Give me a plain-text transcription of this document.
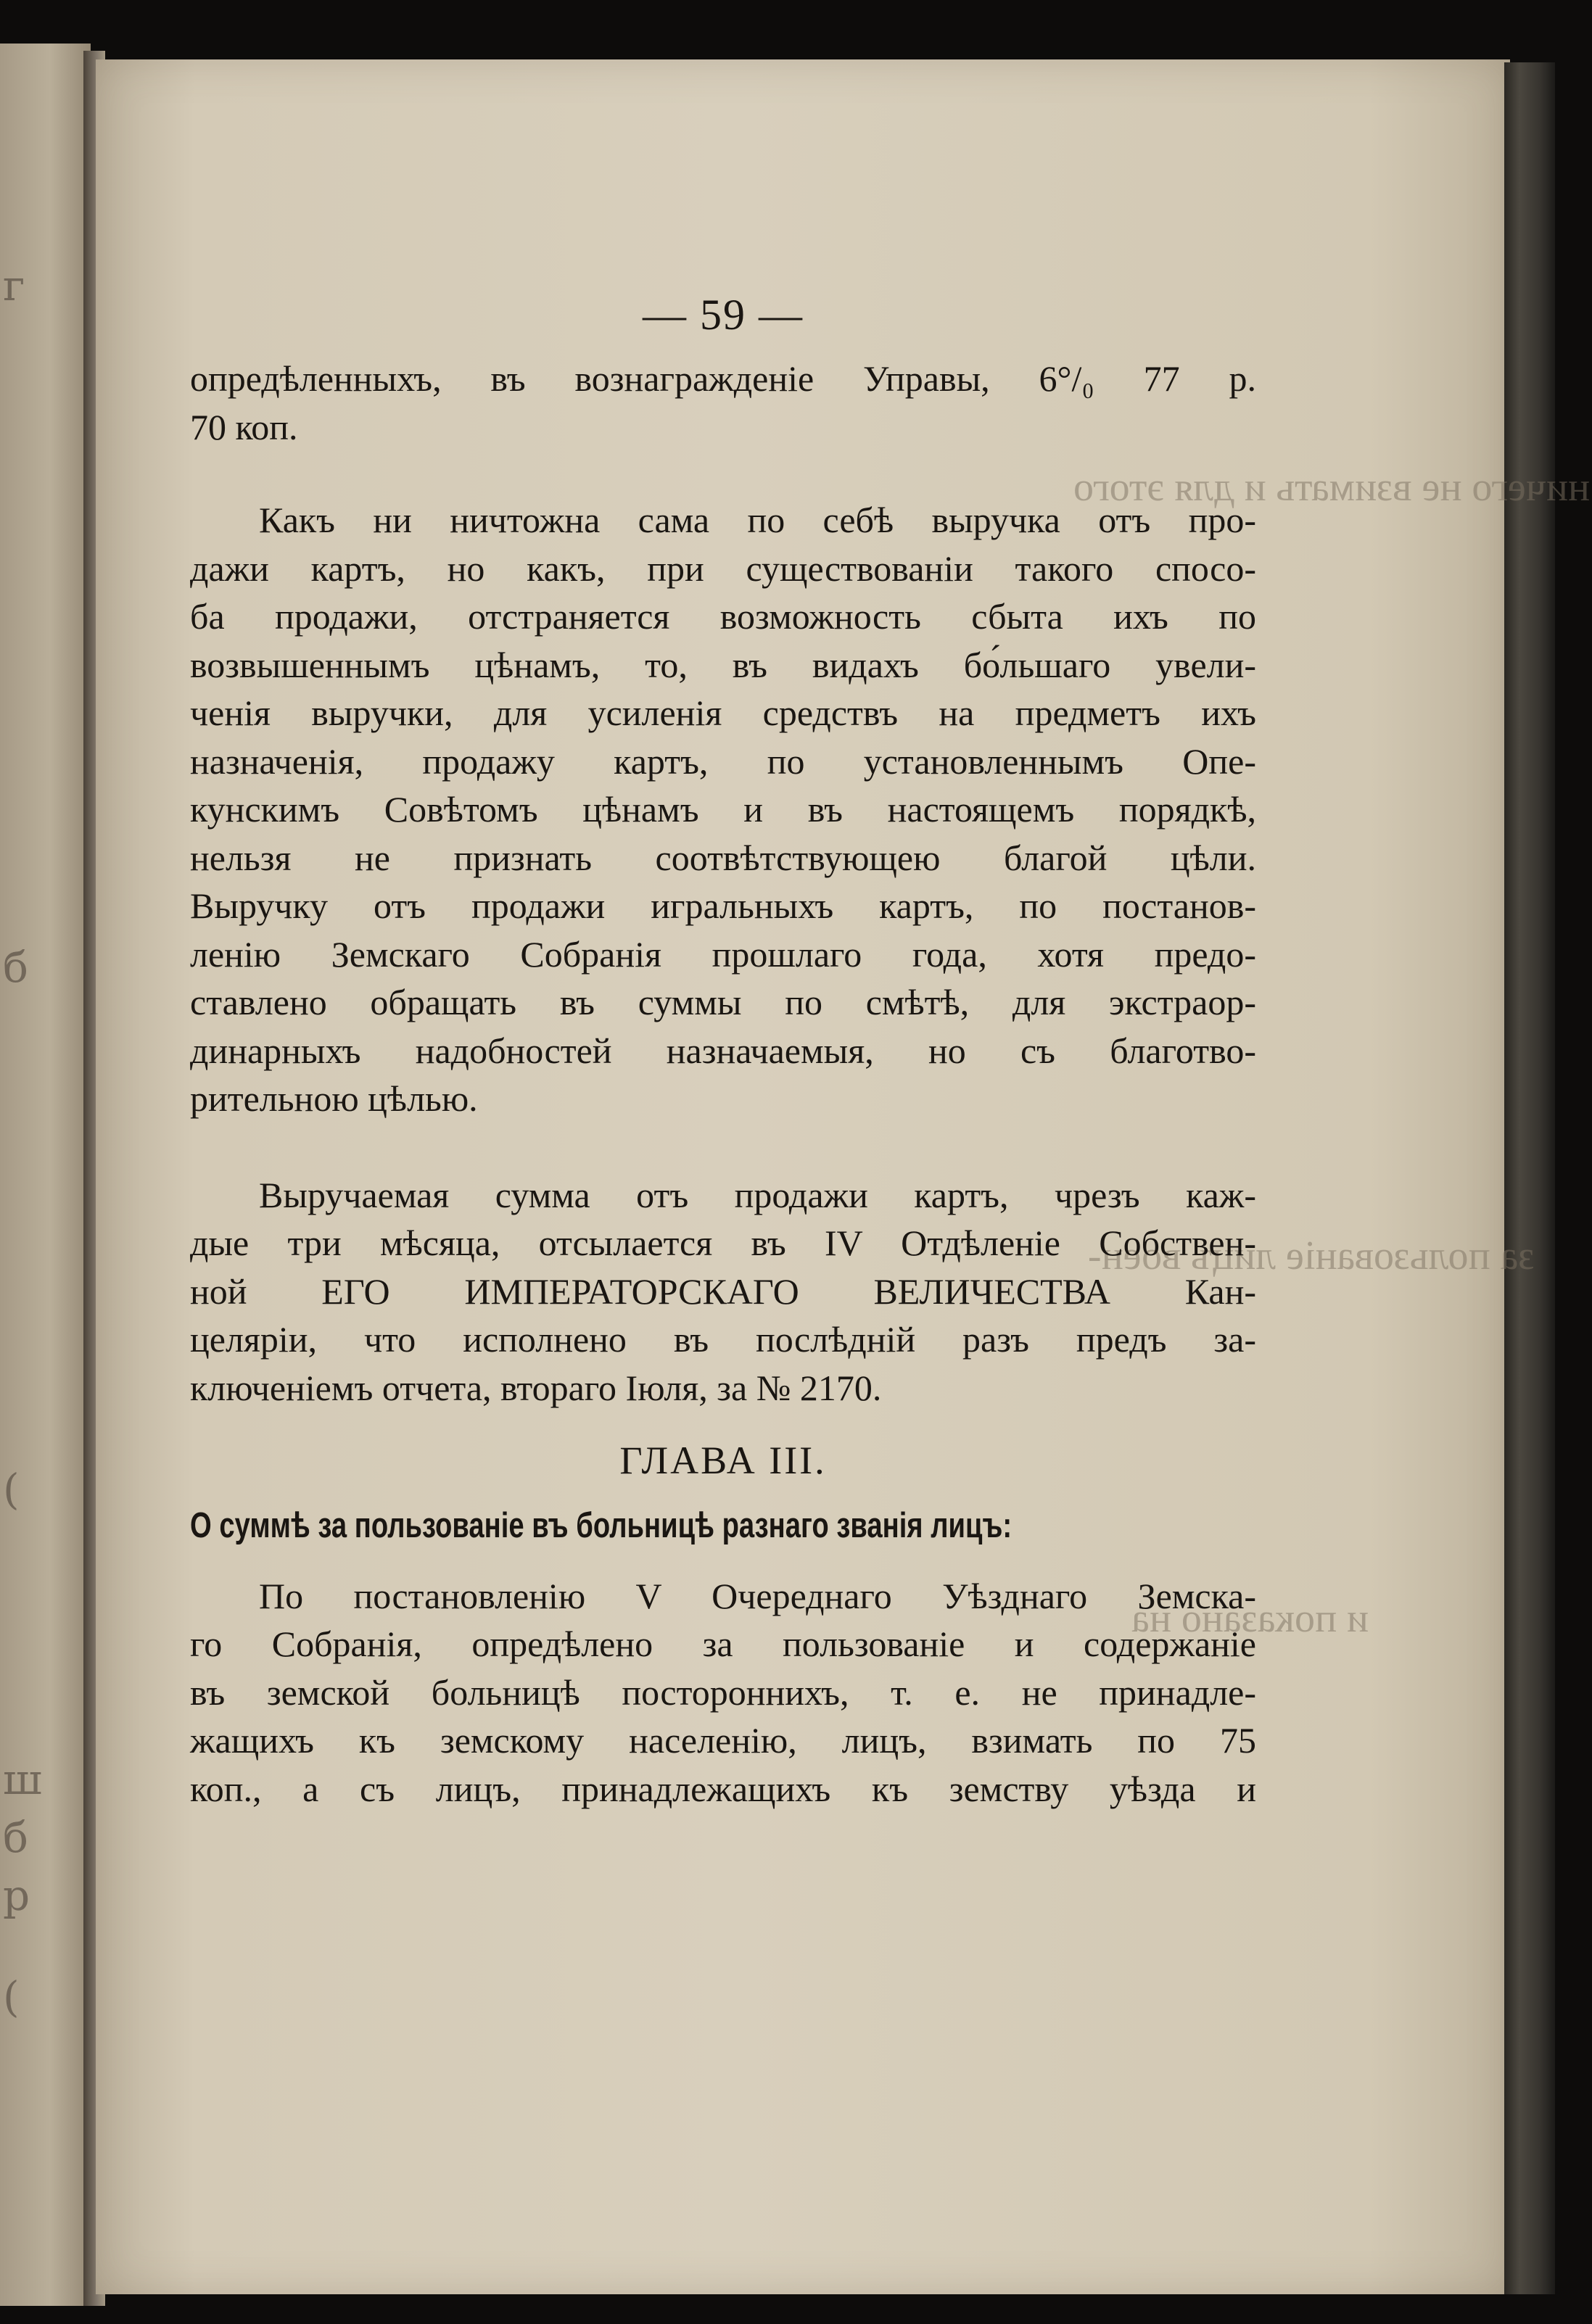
г
б
(
ш
б
р
(
ничего не взимать и для этого
за пользованіе лицъ воен-
и показано на
— 59 —
опредѣленныхъ, въ вознагражденіе Управы, 6°/₀ 77 р.
70 коп.
Какъ ни ничтожна сама по себѣ выручка отъ про-
дажи картъ, но какъ, при существованіи такого спосо-
ба продажи, отстраняется возможность сбыта ихъ по
возвышеннымъ цѣнамъ, то, въ видахъ бо́льшаго увели-
ченія выручки, для усиленія средствъ на предметъ ихъ
назначенія, продажу картъ, по установленнымъ Опе-
кунскимъ Совѣтомъ цѣнамъ и въ настоящемъ порядкѣ,
нельзя не признать соотвѣтствующею благой цѣли.
Выручку отъ продажи игральныхъ картъ, по постанов-
ленію Земскаго Собранія прошлаго года, хотя предо-
ставлено обращать въ суммы по смѣтѣ, для экстраор-
динарныхъ надобностей назначаемыя, но съ благотво-
рительною цѣлью.
Выручаемая сумма отъ продажи картъ, чрезъ каж-
дые три мѣсяца, отсылается въ IV Отдѣленіе Собствен-
ной ЕГО ИМПЕРАТОРСКАГО ВЕЛИЧЕСТВА Кан-
целяріи, что исполнено въ послѣдній разъ предъ за-
ключеніемъ отчета, втораго Іюля, за № 2170.
ГЛАВА III.
О суммѣ за пользованіе въ больницѣ разнаго званія лицъ:
По постановленію V Очереднаго Уѣзднаго Земска-
го Собранія, опредѣлено за пользованіе и содержаніе
въ земской больницѣ постороннихъ, т. е. не принадле-
жащихъ къ земскому населенію, лицъ, взимать по 75
коп., а съ лицъ, принадлежащихъ къ земству уѣзда и
